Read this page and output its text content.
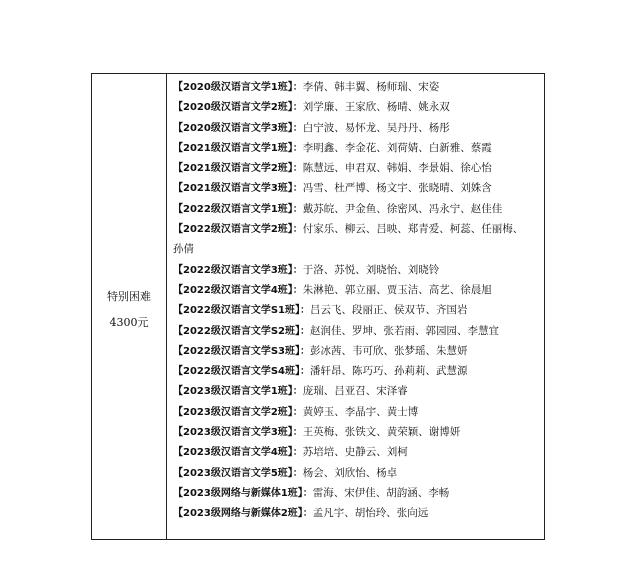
特别困难
4300元
【2020级汉语言文学1班】：李倩、韩丰翼、杨师瑞、宋姿
【2020级汉语言文学2班】：刘学廉、王家欣、杨晴、姚永双
【2020级汉语言文学3班】：白宁波、易怀龙、吴丹丹、杨彤
【2021级汉语言文学1班】：李明鑫、李金花、刘荷婧、白新雅、蔡霞
【2021级汉语言文学2班】：陈慧远、申君双、韩娟、李景娟、徐心怡
【2021级汉语言文学3班】：冯雪、杜严博、杨文宇、张晓晴、刘姝含
【2022级汉语言文学1班】：戴苏皖、尹金鱼、徐密风、冯永宁、赵佳佳
【2022级汉语言文学2班】：付家乐、柳云、吕映、郑青爱、柯蕊、任丽梅、
孙倩
【2022级汉语言文学3班】：于洛、苏悦、刘晓怡、刘晓铃
【2022级汉语言文学4班】：朱淋艳、郭立丽、贾玉洁、高艺、徐晨旭
【2022级汉语言文学S1班】：吕云飞、段丽正、侯双节、齐国岩
【2022级汉语言文学S2班】：赵润佳、罗坤、张若雨、郭园园、李慧宜
【2022级汉语言文学S3班】：彭冰茜、韦可欣、张梦瑶、朱慧妍
【2022级汉语言文学S4班】：潘轩昂、陈巧巧、孙莉莉、武慧源
【2023级汉语言文学1班】：庞瑞、吕亚召、宋泽睿
【2023级汉语言文学2班】：黄婷玉、李晶宇、黄士博
【2023级汉语言文学3班】：王英梅、张铁文、黄荣颖、谢博妍
【2023级汉语言文学4班】：苏培培、史静云、刘柯
【2023级汉语言文学5班】：杨会、刘欣怡、杨卓
【2023级网络与新媒体1班】：雷海、宋伊佳、胡韵涵、李畅
【2023级网络与新媒体2班】：孟凡宇、胡怡玲、张向远
